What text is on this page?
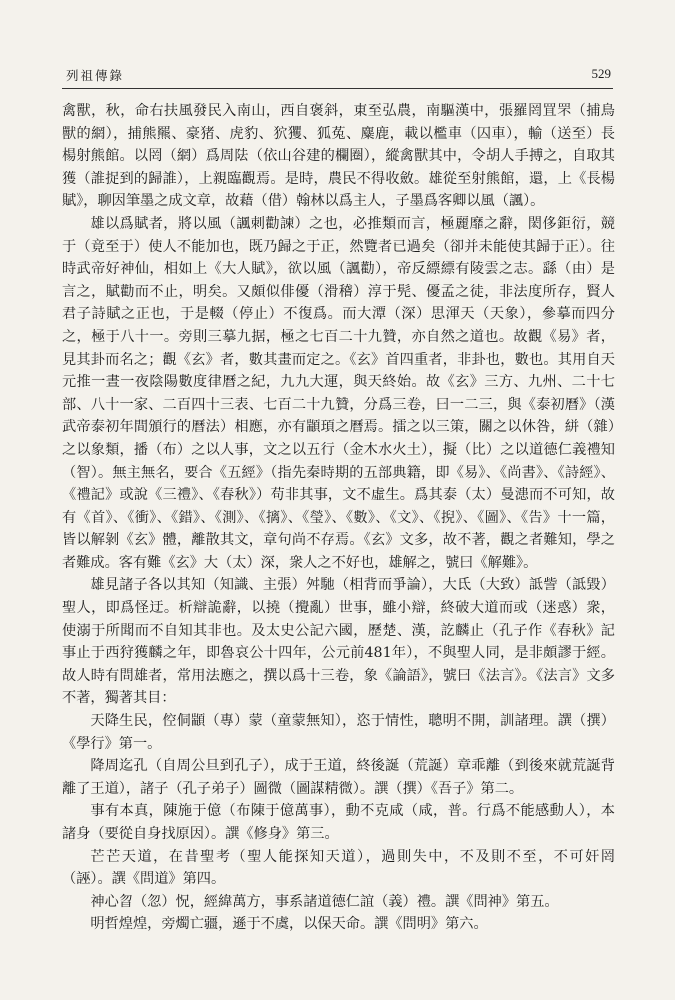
列祖傳錄	529

禽獸，秋，命右扶風發民入南山，西自褒斜，東至弘農，南驅漢中，張羅罔罝罘（捕鳥獸的網），捕熊羆、豪猪、虎豹、狖玃、狐菟、麋鹿，載以檻車（囚車），輸（送至）長楊射熊館。以罔（網）爲周阹（依山谷建的欄圈），縱禽獸其中，令胡人手搏之，自取其獲（誰捉到的歸誰），上親臨觀焉。是時，農民不得收斂。雄從至射熊館，還，上《長楊賦》，聊因筆墨之成文章，故藉（借）翰林以爲主人，子墨爲客卿以風（諷）。

雄以爲賦者，將以風（諷刺勸諫）之也，必推類而言，極麗靡之辭，閎侈鉅衍，競于（竟至于）使人不能加也，既乃歸之于正，然覽者已過矣（卻并未能使其歸于正）。往時武帝好神仙，相如上《大人賦》，欲以風（諷勸），帝反縹縹有陵雲之志。繇（由）是言之，賦勸而不止，明矣。又頗似俳優（滑稽）淳于髡、優孟之徒，非法度所存，賢人君子詩賦之正也，于是輟（停止）不復爲。而大潭（深）思渾天（天象），參摹而四分之，極于八十一。旁則三摹九据，極之七百二十九贊，亦自然之道也。故觀《易》者，見其卦而名之；觀《玄》者，數其畫而定之。《玄》首四重者，非卦也，數也。其用自天元推一晝一夜陰陽數度律曆之紀，九九大運，與天終始。故《玄》三方、九州、二十七部、八十一家、二百四十三表、七百二十九贊，分爲三卷，曰一二三，與《泰初曆》（漢武帝泰初年間頒行的曆法）相應，亦有顓頊之曆焉。擂之以三策，關之以休咎，絣（雜）之以象類，播（布）之以人事，文之以五行（金木水火土），擬（比）之以道德仁義禮知（智）。無主無名，要合《五經》（指先秦時期的五部典籍，即《易》、《尚書》、《詩經》、《禮記》或說《三禮》、《春秋》）苟非其事，文不虛生。爲其泰（太）曼漶而不可知，故有《首》、《衝》、《錯》、《測》、《摛》、《瑩》、《數》、《文》、《掜》、《圖》、《告》十一篇，皆以解剝《玄》體，離散其文，章句尚不存焉。《玄》文多，故不著，觀之者難知，學之者難成。客有難《玄》大（太）深，衆人之不好也，雄解之，號曰《解難》。

雄見諸子各以其知（知識、主張）舛馳（相背而爭論），大氐（大致）詆訾（詆毀）聖人，即爲怪迂。析辯詭辭，以撓（攪亂）世事，雖小辯，終破大道而或（迷惑）衆，使溺于所聞而不自知其非也。及太史公記六國，歷楚、漢，訖麟止（孔子作《春秋》記事止于西狩獲麟之年，即魯哀公十四年，公元前481年），不與聖人同，是非頗謬于經。故人時有問雄者，常用法應之，撰以爲十三卷，象《論語》，號曰《法言》。《法言》文多不著，獨著其目：

天降生民，倥侗顓（專）蒙（童蒙無知），恣于情性，聰明不開，訓諸理。譔（撰）《學行》第一。

降周迄孔（自周公旦到孔子），成于王道，終後誕（荒誕）章乖離（到後來就荒誕背離了王道），諸子（孔子弟子）圖微（圖謀精微）。譔（撰）《吾子》第二。

事有本真，陳施于億（布陳于億萬事），動不克咸（咸，普。行爲不能感動人），本諸身（要從自身找原因）。譔《修身》第三。

芒芒天道，在昔聖考（聖人能探知天道），過則失中，不及則不至，不可奸罔（誣）。譔《問道》第四。

神心曶（忽）怳，經緯萬方，事系諸道德仁誼（義）禮。譔《問神》第五。

明哲煌煌，旁燭亡疆，遜于不虞，以保天命。譔《問明》第六。
